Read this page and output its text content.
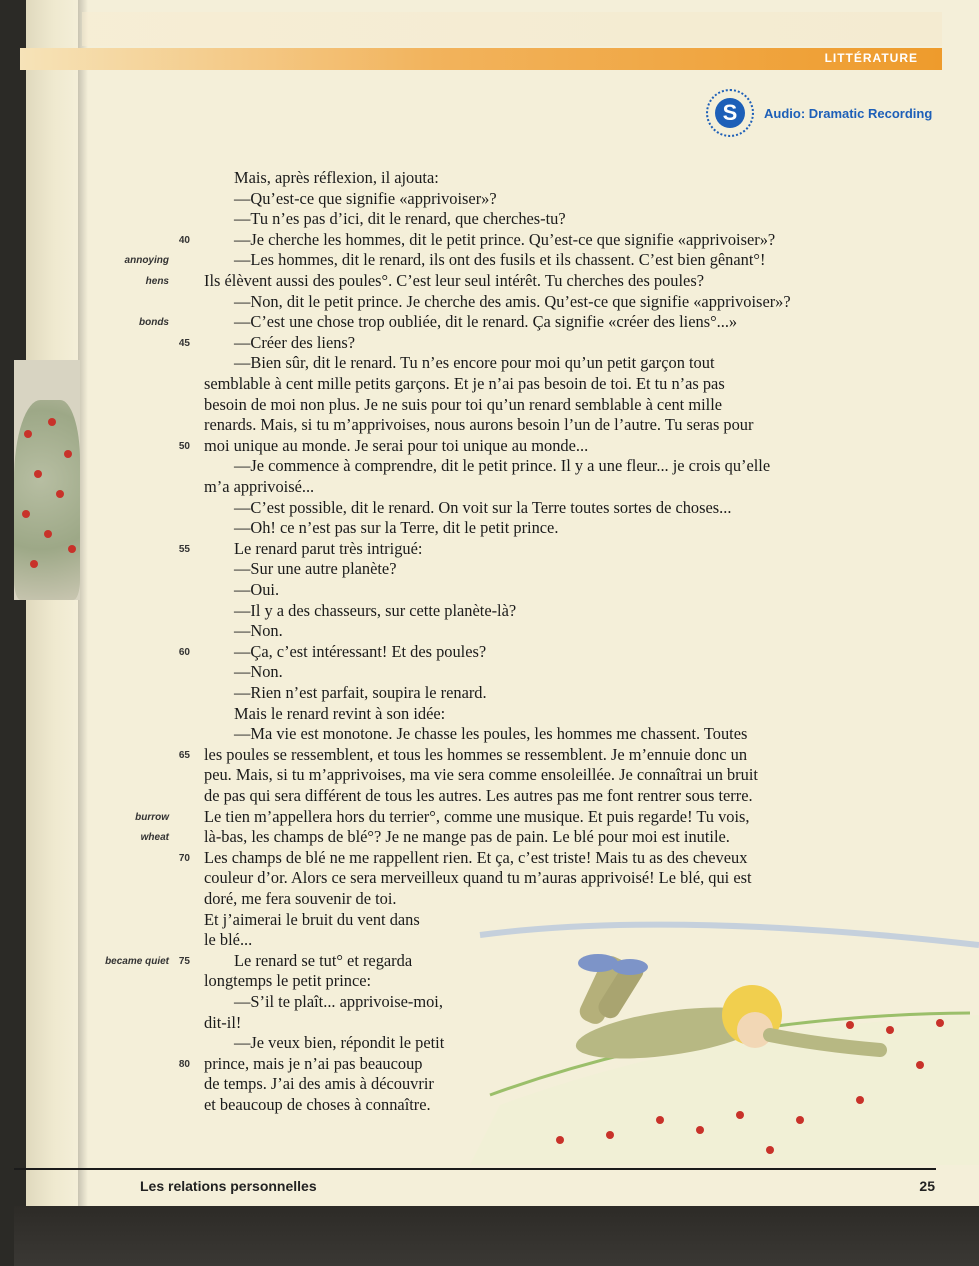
LITTÉRATURE
S	Audio: Dramatic Recording
Mais, après réflexion, il ajouta:
—Qu’est-ce que signifie «apprivoiser»?
—Tu n’es pas d’ici, dit le renard, que cherches-tu?
—Je cherche les hommes, dit le petit prince. Qu’est-ce que signifie «apprivoiser»?
40
—Les hommes, dit le renard, ils ont des fusils et ils chassent. C’est bien gênant°!
annoying
Ils élèvent aussi des poules°. C’est leur seul intérêt. Tu cherches des poules?
hens
—Non, dit le petit prince. Je cherche des amis. Qu’est-ce que signifie «apprivoiser»?
—C’est une chose trop oubliée, dit le renard. Ça signifie «créer des liens°...»
bonds
—Créer des liens?
45
—Bien sûr, dit le renard. Tu n’es encore pour moi qu’un petit garçon tout
semblable à cent mille petits garçons. Et je n’ai pas besoin de toi. Et tu n’as pas
besoin de moi non plus. Je ne suis pour toi qu’un renard semblable à cent mille
renards. Mais, si tu m’apprivoises, nous aurons besoin l’un de l’autre. Tu seras pour
moi unique au monde. Je serai pour toi unique au monde...
50
—Je commence à comprendre, dit le petit prince. Il y a une fleur... je crois qu’elle
m’a apprivoisé...
—C’est possible, dit le renard. On voit sur la Terre toutes sortes de choses...
—Oh! ce n’est pas sur la Terre, dit le petit prince.
Le renard parut très intrigué:
55
—Sur une autre planète?
—Oui.
—Il y a des chasseurs, sur cette planète-là?
—Non.
—Ça, c’est intéressant! Et des poules?
60
—Non.
—Rien n’est parfait, soupira le renard.
Mais le renard revint à son idée:
—Ma vie est monotone. Je chasse les poules, les hommes me chassent. Toutes
les poules se ressemblent, et tous les hommes se ressemblent. Je m’ennuie donc un
65
peu. Mais, si tu m’apprivoises, ma vie sera comme ensoleillée. Je connaîtrai un bruit
de pas qui sera différent de tous les autres. Les autres pas me font rentrer sous terre.
Le tien m’appellera hors du terrier°, comme une musique. Et puis regarde! Tu vois,
burrow
là-bas, les champs de blé°? Je ne mange pas de pain. Le blé pour moi est inutile.
wheat
Les champs de blé ne me rappellent rien. Et ça, c’est triste! Mais tu as des cheveux
70
couleur d’or. Alors ce sera merveilleux quand tu m’auras apprivoisé! Le blé, qui est
doré, me fera souvenir de toi.
Et j’aimerai le bruit du vent dans
le blé...
Le renard se tut° et regarda
75
became quiet
longtemps le petit prince:
—S’il te plaît... apprivoise-moi,
dit-il!
—Je veux bien, répondit le petit
prince, mais je n’ai pas beaucoup
80
de temps. J’ai des amis à découvrir
et beaucoup de choses à connaître.
Les relations personnelles	25
